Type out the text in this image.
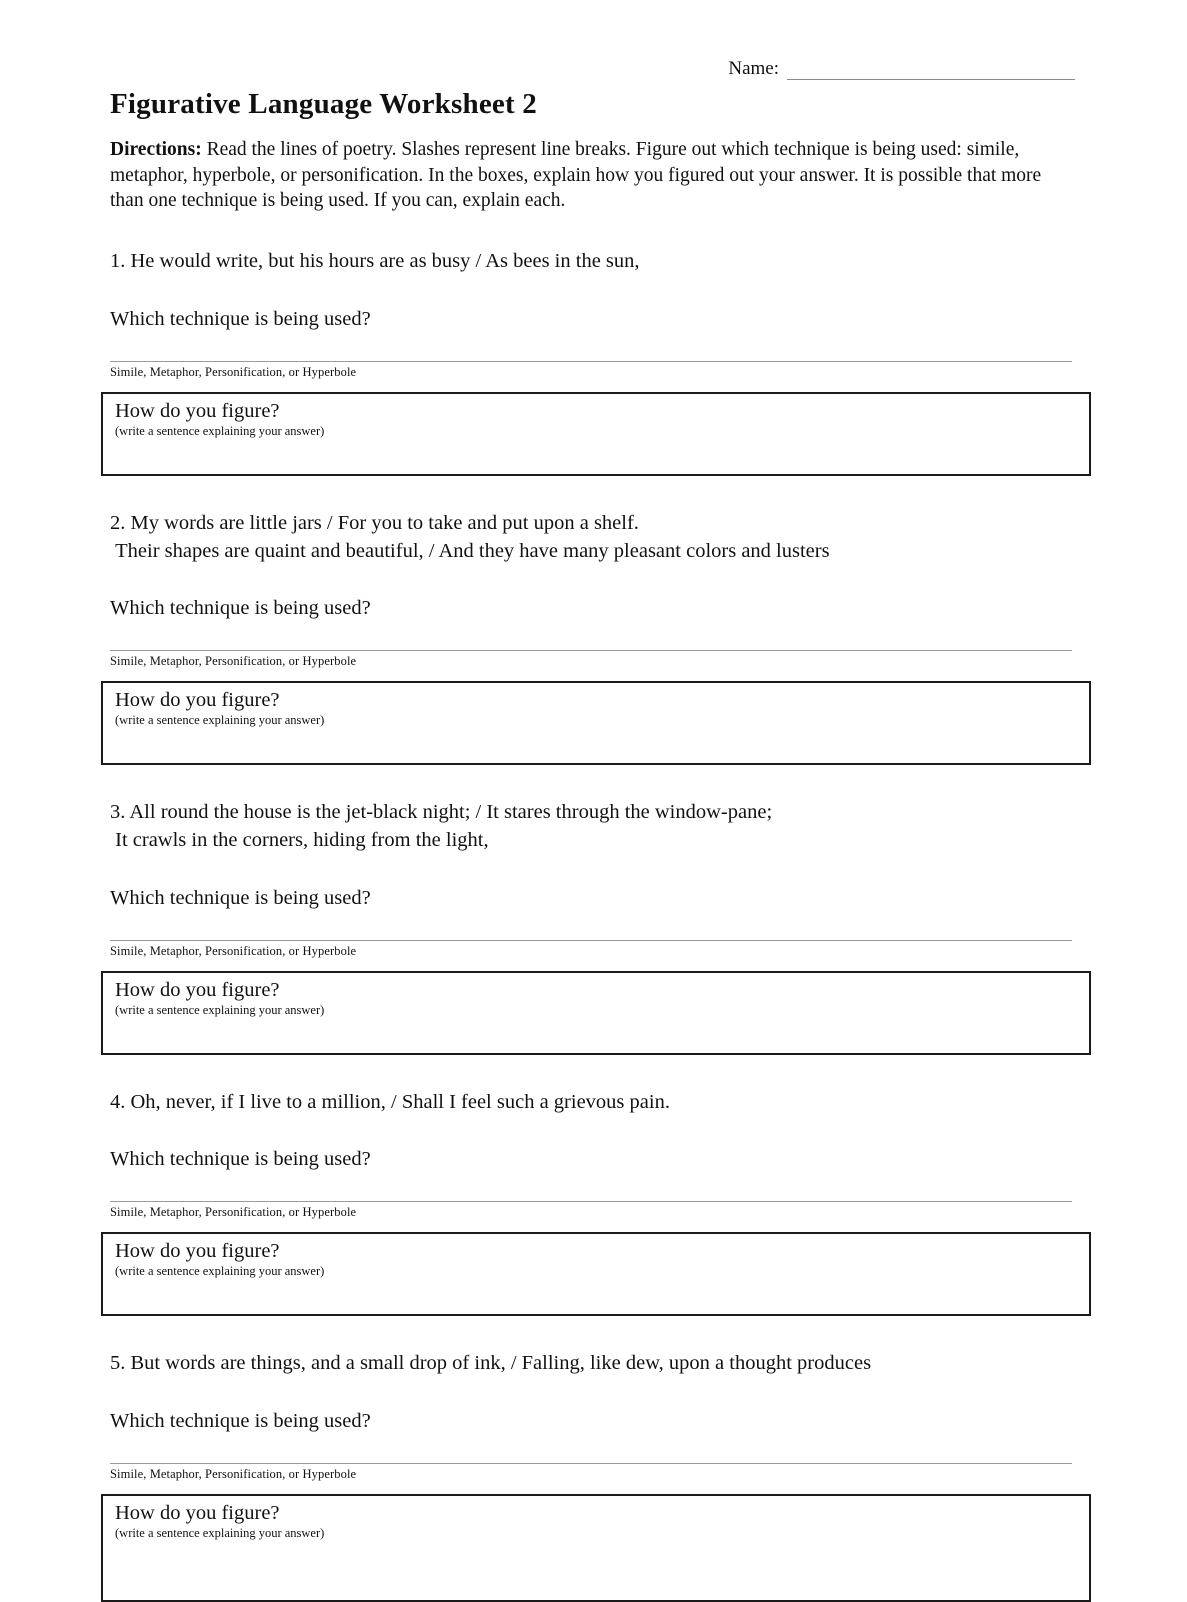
Name:
Figurative Language Worksheet 2
Directions: Read the lines of poetry. Slashes represent line breaks. Figure out which technique is being used: simile, metaphor, hyperbole, or personification. In the boxes, explain how you figured out your answer. It is possible that more than one technique is being used. If you can, explain each.
1. He would write, but his hours are as busy / As bees in the sun,
Which technique is being used?
Simile, Metaphor, Personification, or Hyperbole
How do you figure?
(write a sentence explaining your answer)
2. My words are little jars / For you to take and put upon a shelf.
Their shapes are quaint and beautiful, / And they have many pleasant colors and lusters
Which technique is being used?
Simile, Metaphor, Personification, or Hyperbole
How do you figure?
(write a sentence explaining your answer)
3. All round the house is the jet-black night; / It stares through the window-pane;
It crawls in the corners, hiding from the light,
Which technique is being used?
Simile, Metaphor, Personification, or Hyperbole
How do you figure?
(write a sentence explaining your answer)
4. Oh, never, if I live to a million, / Shall I feel such a grievous pain.
Which technique is being used?
Simile, Metaphor, Personification, or Hyperbole
How do you figure?
(write a sentence explaining your answer)
5. But words are things, and a small drop of ink, / Falling, like dew, upon a thought produces
Which technique is being used?
Simile, Metaphor, Personification, or Hyperbole
How do you figure?
(write a sentence explaining your answer)
